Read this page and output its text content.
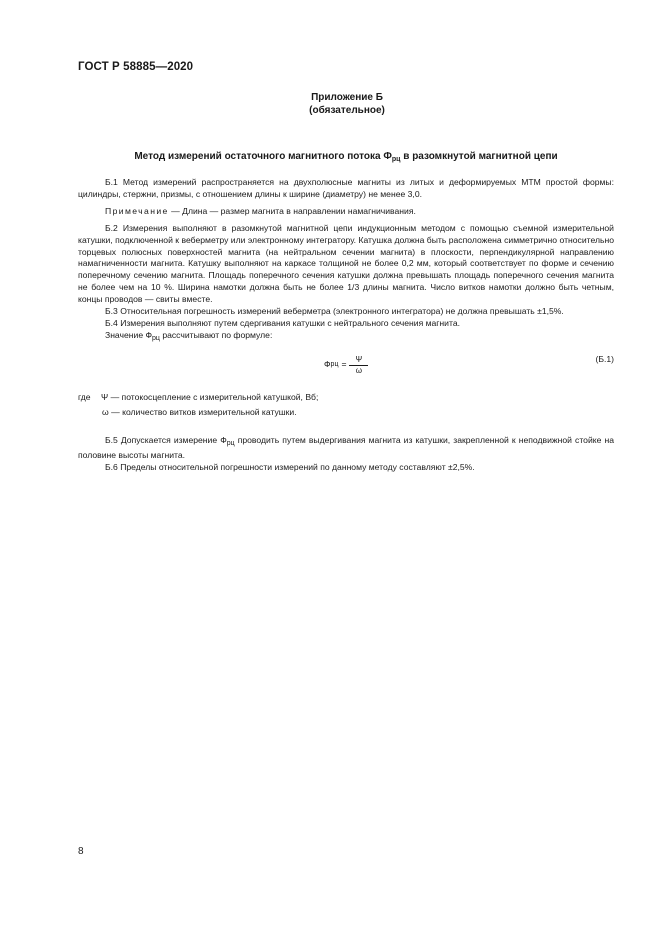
ГОСТ Р 58885—2020
Приложение Б
(обязательное)
Метод измерений остаточного магнитного потока $Ф_{рц}$ в разомкнутой магнитной цепи

Б.1 Метод измерений распространяется на двухполюсные магниты из литых и деформируемых МТМ простой формы: цилиндры, стержни, призмы, с отношением длины к ширине (диаметру) не менее 3,0.

Примечание — Длина — размер магнита в направлении намагничивания.

Б.2 Измерения выполняют в разомкнутой магнитной цепи индукционным методом с помощью съемной измерительной катушки, подключенной к веберметру или электронному интегратору. Катушка должна быть расположена симметрично относительно торцевых полюсных поверхностей магнита (на нейтральном сечении магнита) в плоскости, перпендикулярной направлению намагниченности магнита. Катушку выполняют на каркасе толщиной не более 0,2 мм, который соответствует по форме и сечению поперечному сечению магнита. Площадь поперечного сечения катушки должна превышать площадь поперечного сечения магнита не более чем на 10 %. Ширина намотки должна быть не более 1/3 длины магнита. Число витков намотки должно быть четным, концы проводов — свиты вместе.

Б.3 Относительная погрешность измерений веберметра (электронного интегратора) не должна превышать ±1,5%.

Б.4 Измерения выполняют путем сдергивания катушки с нейтрального сечения магнита.

Значение $Ф_{рц}$ рассчитывают по формуле:

Ф рц = $\frac{\Psi}{\omega}$	(Б.1)
где Ψ — потокосцепление с измерительной катушкой, Вб;
ω — количество витков измерительной катушки.

Б.5 Допускается измерение $Ф_{рц}$ проводить путем выдергивания магнита из катушки, закрепленной к неподвижной стойке на половине высоты магнита.

Б.6 Пределы относительной погрешности измерений по данному методу составляют ±2,5%.

8
